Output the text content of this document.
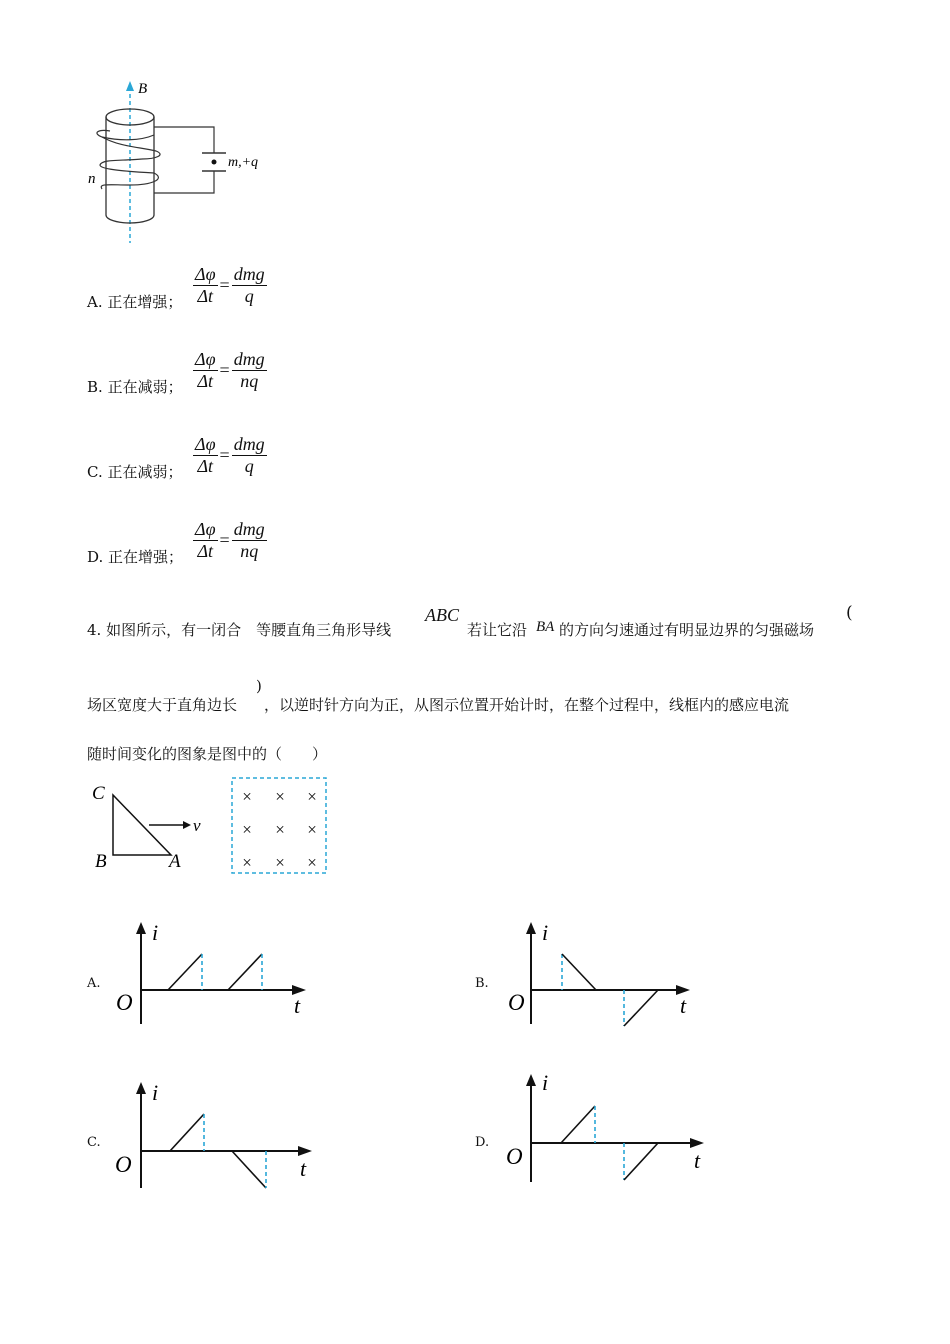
B
m,+q
n
A. 正在增强； $\frac{\Delta\varphi}{\Delta t} = \frac{\text{dmg}}{q}$
B. 正在减弱； $\frac{\Delta\varphi}{\Delta t} = \frac{\text{dmg}}{nq}$
C. 正在减弱； $\frac{\Delta\varphi}{\Delta t} = \frac{\text{dmg}}{q}$
D. 正在增强； $\frac{\Delta\varphi}{\Delta t} = \frac{\text{dmg}}{nq}$
4. 如图所示，有一闭合　等腰直角三角形导线
ABC
若让它沿 BA 的方向匀速通过有明显边界的匀强磁场
(
场区宽度大于直角边长
)
，以逆时针方向为正，从图示位置开始计时，在整个过程中，线框内的感应电流
随时间变化的图象是图中的（　　）
C
B	A
v
× × ×
× × ×
× × ×
A.
i
O	t
B.
i
O	t
C.
i
O	t
D.
i
O	t
